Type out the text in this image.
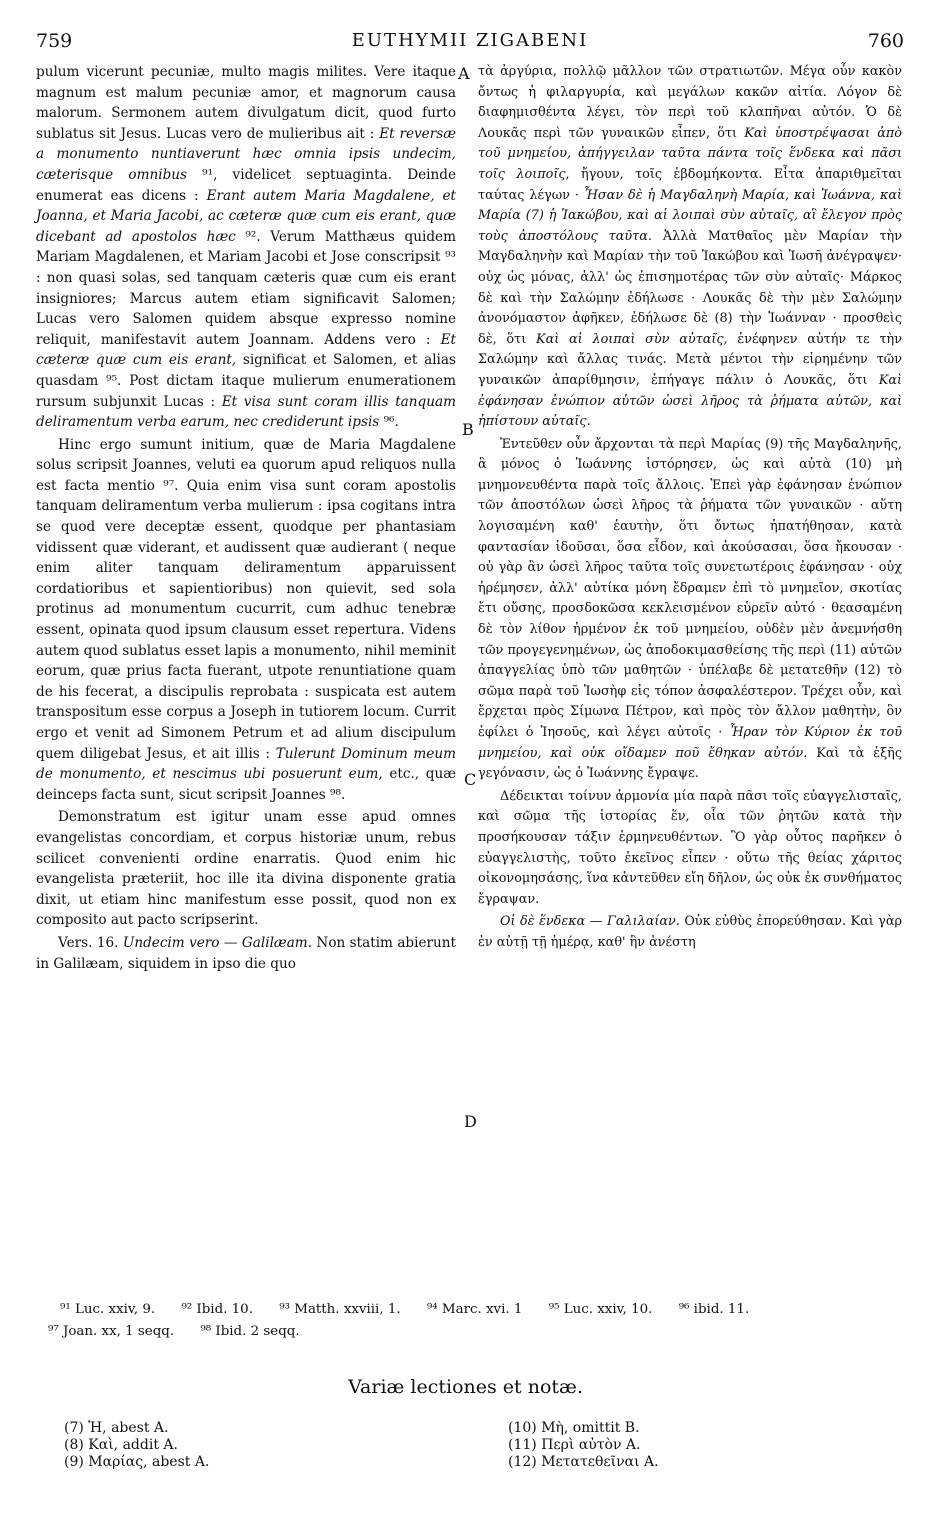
759	EUTHYMII ZIGABENI	760

pulum vicerunt pecuniæ, multo magis milites. Vere itaque magnum est malum pecuniæ amor, et magnorum causa malorum. Sermonem autem divulgatum dicit, quod furto sublatus sit Jesus. Lucas vero de mulieribus ait : Et reversæ a monumento nuntiaverunt hæc omnia ipsis undecim, cæterisque omnibus ⁹¹, videlicet septuaginta. Deinde enumerat eas dicens : Erant autem Maria Magdalene, et Joanna, et Maria Jacobi, ac cæteræ quæ cum eis erant, quæ dicebant ad apostolos hæc ⁹². Verum Matthæus quidem Mariam Magdalenen, et Mariam Jacobi et Jose conscripsit ⁹³ : non quasi solas, sed tanquam cæteris quæ cum eis erant insigniores; Marcus autem etiam significavit Salomen; Lucas vero Salomen quidem absque expresso nomine reliquit, manifestavit autem Joannam. Addens vero : Et cæteræ quæ cum eis erant, significat et Salomen, et alias quasdam ⁹⁵. Post dictam itaque mulierum enumerationem rursum subjunxit Lucas : Et visa sunt coram illis tanquam deliramentum verba earum, nec crediderunt ipsis ⁹⁶.

Hinc ergo sumunt initium, quæ de Maria Magdalene solus scripsit Joannes, veluti ea quorum apud reliquos nulla est facta mentio ⁹⁷. Quia enim visa sunt coram apostolis tanquam deliramentum verba mulierum : ipsa cogitans intra se quod vere deceptæ essent, quodque per phantasiam vidissent quæ viderant, et audissent quæ audierant ( neque enim aliter tanquam deliramentum apparuissent cordatioribus et sapientioribus) non quievit, sed sola protinus ad monumentum cucurrit, cum adhuc tenebræ essent, opinata quod ipsum clausum esset repertura. Videns autem quod sublatus esset lapis a monumento, nihil meminit eorum, quæ prius facta fuerant, utpote renuntiatione quam de his fecerat, a discipulis reprobata : suspicata est autem transpositum esse corpus a Joseph in tutiorem locum. Currit ergo et venit ad Simonem Petrum et ad alium discipulum quem diligebat Jesus, et ait illis : Tulerunt Dominum meum de monumento, et nescimus ubi posuerunt eum, etc., quæ deinceps facta sunt, sicut scripsit Joannes ⁹⁸.

Demonstratum est igitur unam esse apud omnes evangelistas concordiam, et corpus historiæ unum, rebus scilicet convenienti ordine enarratis. Quod enim hic evangelista præteriit, hoc ille ita divina disponente gratia dixit, ut etiam hinc manifestum esse possit, quod non ex composito aut pacto scripserint.

Vers. 16. Undecim vero — Galilæam. Non statim abierunt in Galilæam, siquidem in ipso die quo

A
B
C
D

τὰ ἀργύρια, πολλῷ μᾶλλον τῶν στρατιωτῶν. Μέγα οὖν κακὸν ὄντως ἡ φιλαργυρία, καὶ μεγάλων κακῶν αἰτία. Λόγον δὲ διαφημισθέντα λέγει, τὸν περὶ τοῦ κλαπῆναι αὐτόν. Ὁ δὲ Λουκᾶς περὶ τῶν γυναικῶν εἶπεν, ὅτι Καὶ ὑποστρέψασαι ἀπὸ τοῦ μνημείου, ἀπήγγειλαν ταῦτα πάντα τοῖς ἕνδεκα καὶ πᾶσι τοῖς λοιποῖς, ἤγουν, τοῖς ἑβδομήκοντα. Εἶτα ἀπαριθμεῖται ταύτας λέγων · Ἦσαν δὲ ἡ Μαγδαληνὴ Μαρία, καὶ Ἰωάννα, καὶ Μαρία (7) ἡ Ἰακώβου, καὶ αἱ λοιπαὶ σὺν αὐταῖς, αἳ ἔλεγον πρὸς τοὺς ἀποστόλους ταῦτα. Ἀλλὰ Ματθαῖος μὲν Μαρίαν τὴν Μαγδαληνὴν καὶ Μαρίαν τὴν τοῦ Ἰακώβου καὶ Ἰωσῆ ἀνέγραψεν· οὐχ ὡς μόνας, ἀλλ' ὡς ἐπισημοτέρας τῶν σὺν αὐταῖς· Μάρκος δὲ καὶ τὴν Σαλώμην ἐδήλωσε · Λουκᾶς δὲ τὴν μὲν Σαλώμην ἀνονόμαστον ἀφῆκεν, ἐδήλωσε δὲ (8) τὴν Ἰωάνναν · προσθεὶς δὲ, ὅτι Καὶ αἱ λοιπαὶ σὺν αὐταῖς, ἐνέφηνεν αὐτήν τε τὴν Σαλώμην καὶ ἄλλας τινάς. Μετὰ μέντοι τὴν εἰρημένην τῶν γυναικῶν ἀπαρίθμησιν, ἐπήγαγε πάλιν ὁ Λουκᾶς, ὅτι Καὶ ἐφάνησαν ἐνώπιον αὐτῶν ὡσεὶ λῆρος τὰ ῥήματα αὐτῶν, καὶ ἠπίστουν αὐταῖς.

Ἐντεῦθεν οὖν ἄρχονται τὰ περὶ Μαρίας (9) τῆς Μαγδαληνῆς, ἃ μόνος ὁ Ἰωάννης ἱστόρησεν, ὡς καὶ αὐτὰ (10) μὴ μνημονευθέντα παρὰ τοῖς ἄλλοις. Ἐπεὶ γὰρ ἐφάνησαν ἐνώπιον τῶν ἀποστόλων ὡσεὶ λῆρος τὰ ῥήματα τῶν γυναικῶν · αὕτη λογισαμένη καθ' ἑαυτὴν, ὅτι ὄντως ἠπατήθησαν, κατὰ φαντασίαν ἰδοῦσαι, ὅσα εἶδον, καὶ ἀκούσασαι, ὅσα ἤκουσαν · οὐ γὰρ ἂν ὡσεὶ λῆρος ταῦτα τοῖς συνετωτέροις ἐφάνησαν · οὐχ ἠρέμησεν, ἀλλ' αὐτίκα μόνη ἔδραμεν ἐπὶ τὸ μνημεῖον, σκοτίας ἔτι οὔσης, προσδοκῶσα κεκλεισμένον εὑρεῖν αὐτό · θεασαμένη δὲ τὸν λίθον ἠρμένον ἐκ τοῦ μνημείου, οὐδὲν μὲν ἀνεμνήσθη τῶν προγεγενημένων, ὡς ἀποδοκιμασθείσης τῆς περὶ (11) αὐτῶν ἀπαγγελίας ὑπὸ τῶν μαθητῶν · ὑπέλαβε δὲ μετατεθῆν (12) τὸ σῶμα παρὰ τοῦ Ἰωσὴφ εἰς τόπον ἀσφαλέστερον. Τρέχει οὖν, καὶ ἔρχεται πρὸς Σίμωνα Πέτρον, καὶ πρὸς τὸν ἄλλον μαθητὴν, ὃν ἐφίλει ὁ Ἰησοῦς, καὶ λέγει αὐτοῖς · Ἦραν τὸν Κύριον ἐκ τοῦ μνημείου, καὶ οὐκ οἴδαμεν ποῦ ἔθηκαν αὐτόν. Καὶ τὰ ἑξῆς γεγόνασιν, ὡς ὁ Ἰωάννης ἔγραψε.

Δέδεικται τοίνυν ἁρμονία μία παρὰ πᾶσι τοῖς εὐαγγελισταῖς, καὶ σῶμα τῆς ἱστορίας ἕν, οἷα τῶν ῥητῶν κατὰ τὴν προσήκουσαν τάξιν ἑρμηνευθέντων. Ὃ γὰρ οὗτος παρῆκεν ὁ εὐαγγελιστὴς, τοῦτο ἐκεῖνος εἶπεν · οὕτω τῆς θείας χάριτος οἰκονομησάσης, ἵνα κἀντεῦθεν εἴη δῆλον, ὡς οὐκ ἐκ συνθήματος ἔγραψαν.

Οἱ δὲ ἕνδεκα — Γαλιλαίαν. Οὐκ εὐθὺς ἐπορεύθησαν. Καὶ γὰρ ἐν αὐτῇ τῇ ἡμέρᾳ, καθ' ἣν ἀνέστη

⁹¹ Luc. xxiv, 9. ⁹² Ibid. 10. ⁹³ Matth. xxviii, 1. ⁹⁴ Marc. xvi. 1 ⁹⁵ Luc. xxiv, 10. ⁹⁶ ibid. 11.
⁹⁷ Joan. xx, 1 seqq. ⁹⁸ Ibid. 2 seqq.
Variæ lectiones et notæ.
(7) Ἡ, abest A.
(8) Καὶ, addit A.
(9) Μαρίας, abest A.
(10) Μὴ, omittit B.
(11) Περὶ αὐτὸν A.
(12) Μετατεθεῖναι A.
